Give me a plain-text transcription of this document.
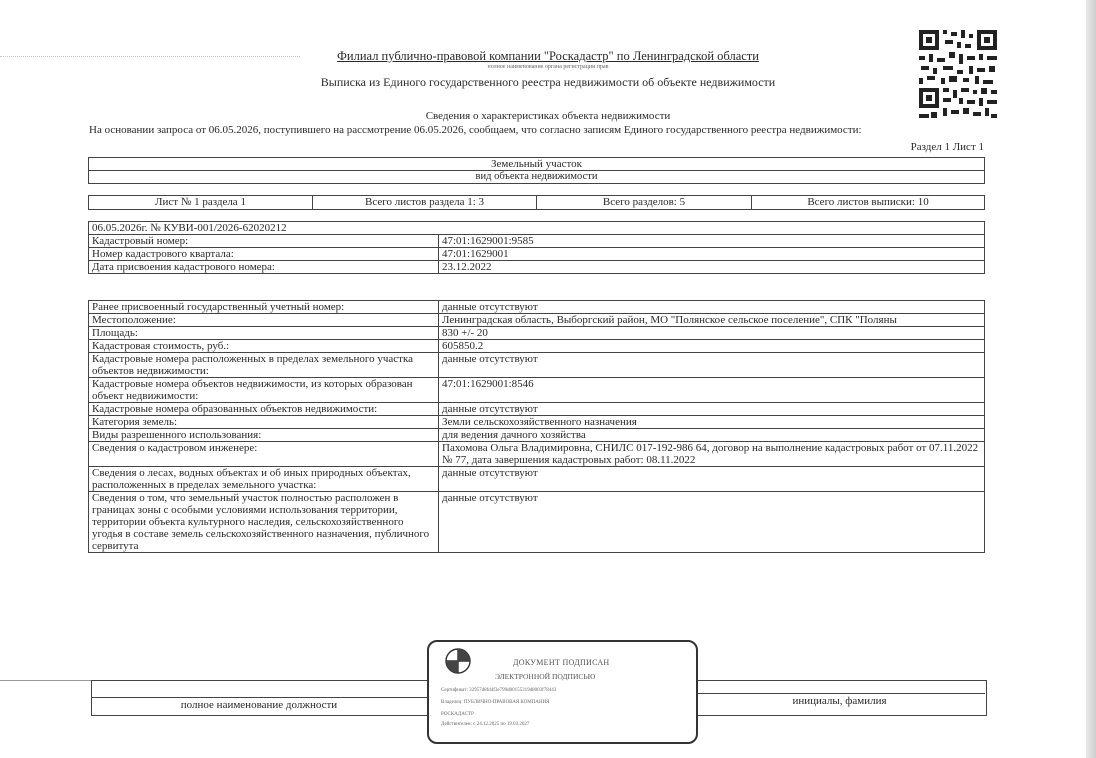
Филиал публично-правовой компании "Роскадастр" по Ленинградской области
полное наименование органа регистрации прав
Выписка из Единого государственного реестра недвижимости об объекте недвижимости
Сведения о характеристиках объекта недвижимости
На основании запроса от 06.05.2026, поступившего на рассмотрение 06.05.2026, сообщаем, что согласно записям Единого государственного реестра недвижимости:
Раздел 1 Лист 1
Земельный участок
вид объекта недвижимости
Лист № 1 раздела 1	Всего листов раздела 1: 3	Всего разделов: 5	Всего листов выписки: 10
06.05.2026г. № КУВИ-001/2026-62020212	
Кадастровый номер:	47:01:1629001:9585
Номер кадастрового квартала:	47:01:1629001
Дата присвоения кадастрового номера:	23.12.2022
Ранее присвоенный государственный учетный номер:	данные отсутствуют
Местоположение:	Ленинградская область, Выборгский район, МО "Полянское сельское поселение", СПК "Поляны
Площадь:	830 +/- 20
Кадастровая стоимость, руб.:	605850.2
Кадастровые номера расположенных в пределах земельного участка объектов недвижимости:	данные отсутствуют
Кадастровые номера объектов недвижимости, из которых образован объект недвижимости:	47:01:1629001:8546
Кадастровые номера образованных объектов недвижимости:	данные отсутствуют
Категория земель:	Земли сельскохозяйственного назначения
Виды разрешенного использования:	для ведения дачного хозяйства
Сведения о кадастровом инженере:	Пахомова Ольга Владимировна, СНИЛС 017-192-986 64, договор на выполнение кадастровых работ от 07.11.2022 № 77, дата завершения кадастровых работ: 08.11.2022
Сведения о лесах, водных объектах и об иных природных объектах, расположенных в пределах земельного участка:	данные отсутствуют
Сведения о том, что земельный участок полностью расположен в границах зоны с особыми условиями использования территории, территории объекта культурного наследия, сельскохозяйственного угодья в составе земель сельскохозяйственного назначения, публичного сервитута	данные отсутствуют
полное наименование должности	инициалы, фамилия
ДОКУМЕНТ ПОДПИСАН
ЭЛЕКТРОННОЙ ПОДПИСЬЮ
Сертификат: 32957d8fd4f3e799d00155319d8003f78443
Владелец: ПУБЛИЧНО-ПРАВОВАЯ КОМПАНИЯ
РОСКАДАСТР
Действителен: с 24.12.2025 по 19.03.2027
